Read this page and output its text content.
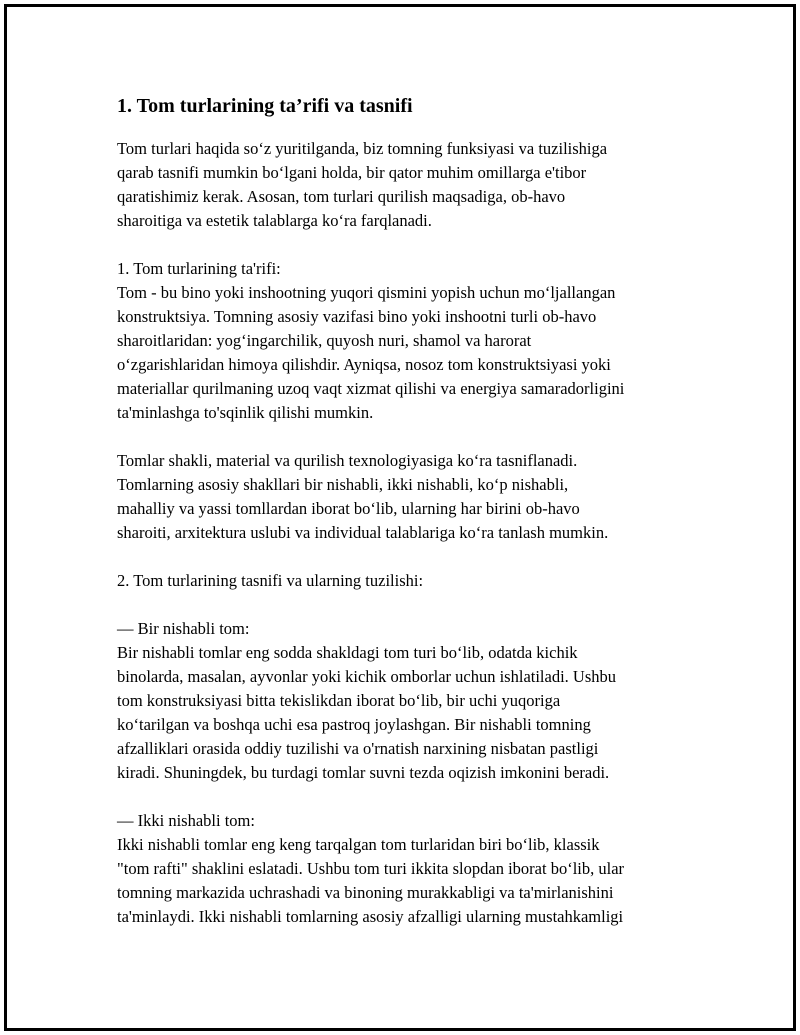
1. Tom turlarining ta’rifi va tasnifi

Tom turlari haqida so‘z yuritilganda, biz tomning funksiyasi va tuzilishiga
qarab tasnifi mumkin bo‘lgani holda, bir qator muhim omillarga e'tibor
qaratishimiz kerak. Asosan, tom turlari qurilish maqsadiga, ob-havo
sharoitiga va estetik talablarga ko‘ra farqlanadi.

1. Tom turlarining ta'rifi:
Tom - bu bino yoki inshootning yuqori qismini yopish uchun mo‘ljallangan
konstruktsiya. Tomning asosiy vazifasi bino yoki inshootni turli ob-havo
sharoitlaridan: yog‘ingarchilik, quyosh nuri, shamol va harorat
o‘zgarishlaridan himoya qilishdir. Ayniqsa, nosoz tom konstruktsiyasi yoki
materiallar qurilmaning uzoq vaqt xizmat qilishi va energiya samaradorligini
ta'minlashga to'sqinlik qilishi mumkin.

Tomlar shakli, material va qurilish texnologiyasiga ko‘ra tasniflanadi.
Tomlarning asosiy shakllari bir nishabli, ikki nishabli, ko‘p nishabli,
mahalliy va yassi tomllardan iborat bo‘lib, ularning har birini ob-havo
sharoiti, arxitektura uslubi va individual talablariga ko‘ra tanlash mumkin.

2. Tom turlarining tasnifi va ularning tuzilishi:

— Bir nishabli tom:
Bir nishabli tomlar eng sodda shakldagi tom turi bo‘lib, odatda kichik
binolarda, masalan, ayvonlar yoki kichik omborlar uchun ishlatiladi. Ushbu
tom konstruksiyasi bitta tekislikdan iborat bo‘lib, bir uchi yuqoriga
ko‘tarilgan va boshqa uchi esa pastroq joylashgan. Bir nishabli tomning
afzalliklari orasida oddiy tuzilishi va o'rnatish narxining nisbatan pastligi
kiradi. Shuningdek, bu turdagi tomlar suvni tezda oqizish imkonini beradi.

— Ikki nishabli tom:
Ikki nishabli tomlar eng keng tarqalgan tom turlaridan biri bo‘lib, klassik
"tom rafti" shaklini eslatadi. Ushbu tom turi ikkita slopdan iborat bo‘lib, ular
tomning markazida uchrashadi va binoning murakkabligi va ta'mirlanishini
ta'minlaydi. Ikki nishabli tomlarning asosiy afzalligi ularning mustahkamligi
